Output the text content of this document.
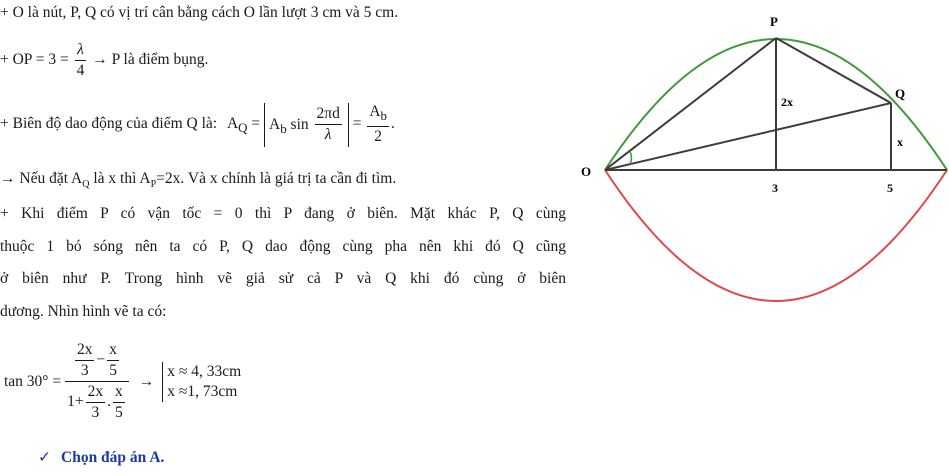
+ O là nút, P, Q có vị trí cân bằng cách O lần lượt 3 cm và 5 cm.
+ OP = $3 = \frac{\lambda}{4} \to P$ là điểm bụng.
+ Biên độ dao động của điểm Q là: $A_Q = A_b$ $\sin \frac{2\pi d}{\lambda} = \frac{A_b}{2}$ .
→ Nếu đặt $A_Q$ là x thì $A_P=2x$. Và x chính là giá trị ta cần đi tìm.
+ Khi điểm P có vận tốc = 0 thì P đang ở biên. Mặt khác P, Q cùng
thuộc 1 bó sóng nên ta có P, Q dao động cùng pha nên khi đó Q cũng
ở biên như P. Trong hình vẽ giả sử cả P và Q khi đó cùng ở biên
dương. Nhìn hình vẽ ta có:
$\tan 30^\circ = \frac{\frac{2x}{3} - \frac{x}{5}}{1+ \frac{2x}{3} . \frac{x}{5}}$ →
x ≈ 4, 33cm
x ≈1, 73cm
✓ Chọn đáp án A.
O
P
Q
2x
x
3	5
